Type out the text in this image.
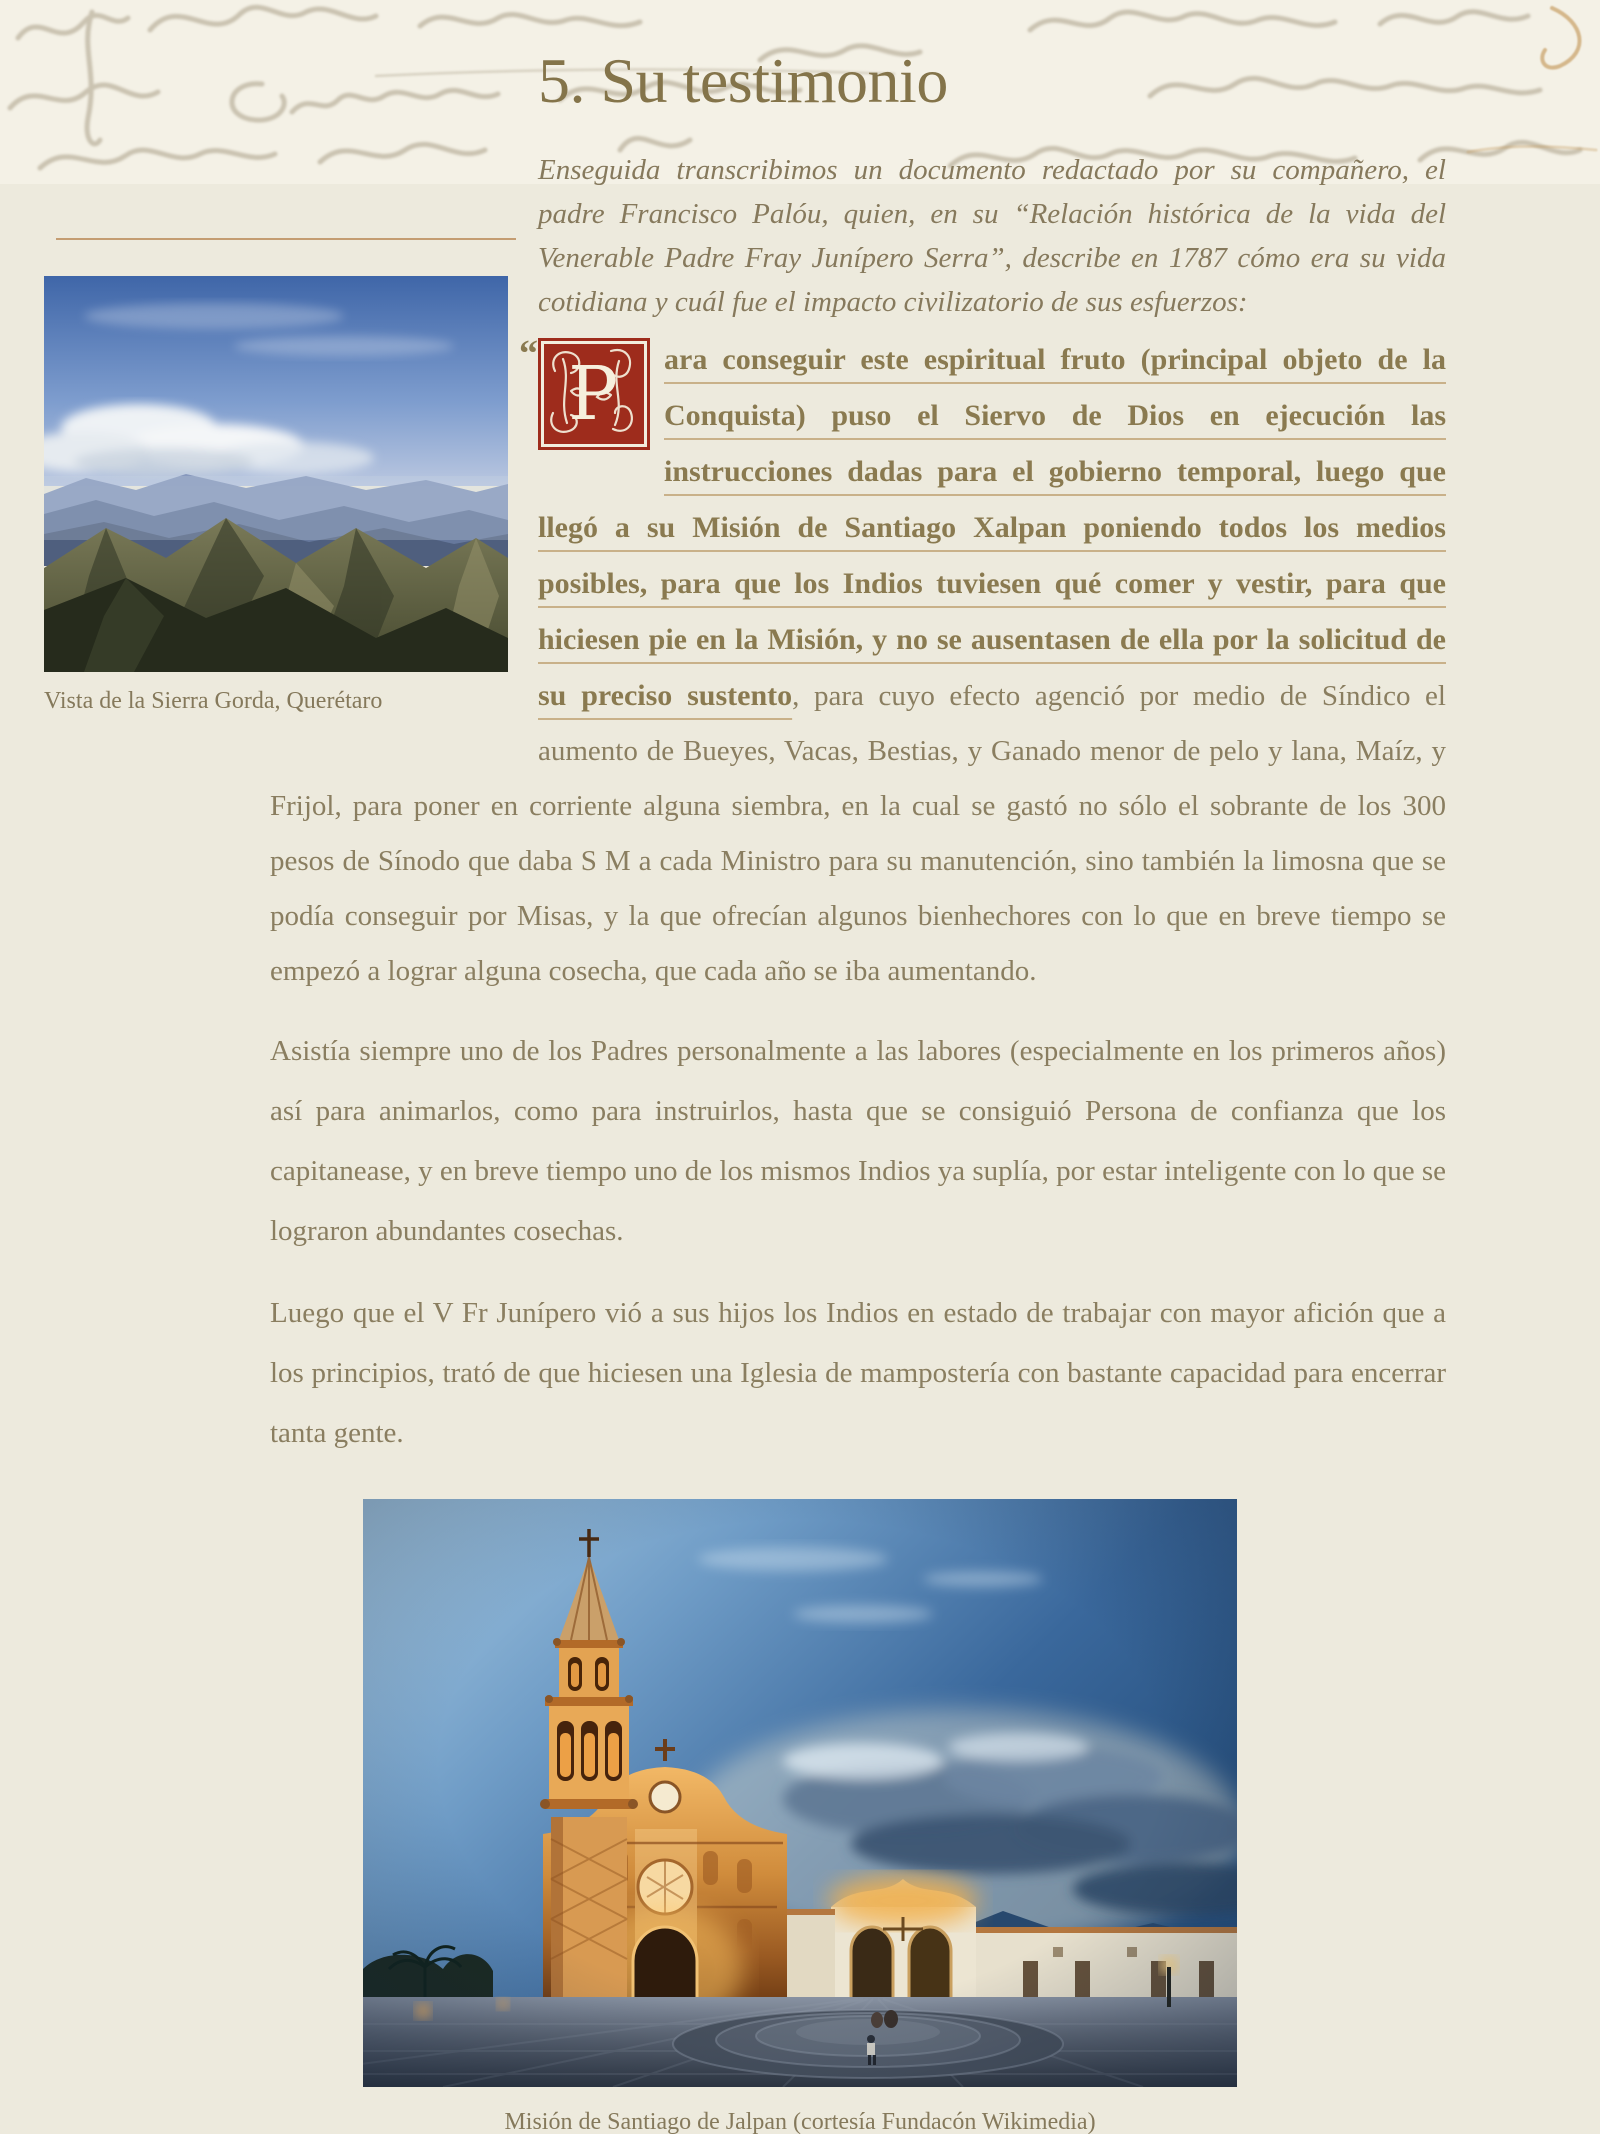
5. Su testimonio
Vista de la Sierra Gorda, Querétaro

Enseguida transcribimos un documento redactado por su compañero, el padre Francisco Palóu, quien, en su “Relación histórica de la vida del Venerable Padre Fray Junípero Serra”, describe en 1787 cómo era su vida cotidiana y cuál fue el impacto civilizatorio de sus esfuerzos:

“ P ara conseguir este espiritual fruto (principal objeto de la Conquista) puso el Siervo de Dios en ejecución las instrucciones dadas para el gobierno temporal, luego que llegó a su Misión de Santiago Xalpan poniendo todos los medios posibles, para que los Indios tuviesen qué comer y vestir, para que hiciesen pie en la Misión, y no se ausentasen de ella por la solicitud de su preciso sustento, para cuyo efecto agenció por medio de Síndico el aumento de Bueyes, Vacas, Bestias, y Ganado menor de pelo y lana, Maíz, y Frijol, para poner en corriente alguna siembra, en la cual se gastó no sólo el sobrante de los 300 pesos de Sínodo que daba S M a cada Ministro para su manutención, sino también la limosna que se podía conseguir por Misas, y la que ofrecían algunos bienhechores con lo que en breve tiempo se empezó a lograr alguna cosecha, que cada año se iba aumentando.

Asistía siempre uno de los Padres personalmente a las labores (especialmente en los primeros años) así para animarlos, como para instruirlos, hasta que se consiguió Persona de confianza que los capitanease, y en breve tiempo uno de los mismos Indios ya suplía, por estar inteligente con lo que se lograron abundantes cosechas.

Luego que el V Fr Junípero vió a sus hijos los Indios en estado de trabajar con mayor afición que a los principios, trató de que hiciesen una Iglesia de mampostería con bastante capacidad para encerrar tanta gente.

Misión de Santiago de Jalpan (cortesía Fundacón Wikimedia)
